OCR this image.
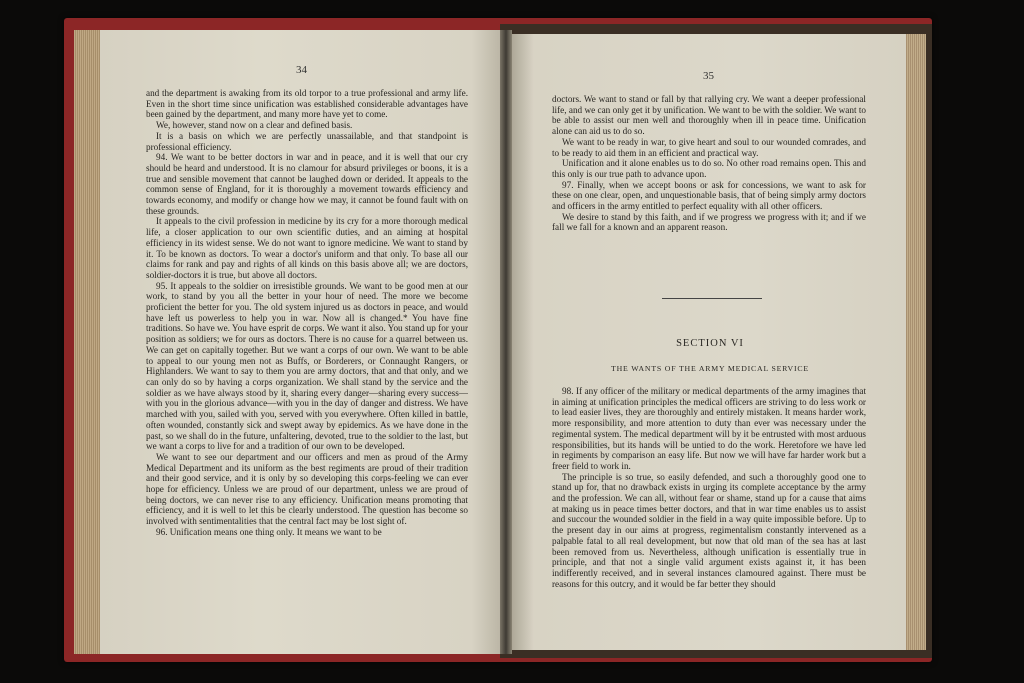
34	35

and the department is awaking from its old torpor to a true professional and army life. Even in the short time since unification was established considerable advantages have been gained by the department, and many more have yet to come.

We, however, stand now on a clear and defined basis.

It is a basis on which we are perfectly unassailable, and that standpoint is professional efficiency.

94. We want to be better doctors in war and in peace, and it is well that our cry should be heard and understood. It is no clamour for absurd privileges or boons, it is a true and sensible movement that cannot be laughed down or derided. It appeals to the common sense of England, for it is thoroughly a movement towards efficiency and towards economy, and modify or change how we may, it cannot be found fault with on these grounds.

It appeals to the civil profession in medicine by its cry for a more thorough medical life, a closer application to our own scientific duties, and an aiming at hospital efficiency in its widest sense. We do not want to ignore medicine. We want to stand by it. To be known as doctors. To wear a doctor's uniform and that only. To base all our claims for rank and pay and rights of all kinds on this basis above all; we are doctors, soldier-doctors it is true, but above all doctors.

95. It appeals to the soldier on irresistible grounds. We want to be good men at our work, to stand by you all the better in your hour of need. The more we become proficient the better for you. The old system injured us as doctors in peace, and would have left us powerless to help you in war. Now all is changed.* You have fine traditions. So have we. You have esprit de corps. We want it also. You stand up for your position as soldiers; we for ours as doctors. There is no cause for a quarrel between us. We can get on capitally together. But we want a corps of our own. We want to be able to appeal to our young men not as Buffs, or Borderers, or Connaught Rangers, or Highlanders. We want to say to them you are army doctors, that and that only, and we can only do so by having a corps organization. We shall stand by the service and the soldier as we have always stood by it, sharing every danger—sharing every success—with you in the glorious advance—with you in the day of danger and distress. We have marched with you, sailed with you, served with you everywhere. Often killed in battle, often wounded, constantly sick and swept away by epidemics. As we have done in the past, so we shall do in the future, unfaltering, devoted, true to the soldier to the last, but we want a corps to live for and a tradition of our own to be developed.

We want to see our department and our officers and men as proud of the Army Medical Department and its uniform as the best regiments are proud of their tradition and their good service, and it is only by so developing this corps-feeling we can ever hope for efficiency. Unless we are proud of our department, unless we are proud of being doctors, we can never rise to any efficiency. Unification means promoting that efficiency, and it is well to let this be clearly understood. The question has become so involved with sentimentalities that the central fact may be lost sight of.

96. Unification means one thing only. It means we want to be

doctors. We want to stand or fall by that rallying cry. We want a deeper professional life, and we can only get it by unification. We want to be with the soldier. We want to be able to assist our men well and thoroughly when ill in peace time. Unification alone can aid us to do so.

We want to be ready in war, to give heart and soul to our wounded comrades, and to be ready to aid them in an efficient and practical way.

Unification and it alone enables us to do so. No other road remains open. This and this only is our true path to advance upon.

97. Finally, when we accept boons or ask for concessions, we want to ask for these on one clear, open, and unquestionable basis, that of being simply army doctors and officers in the army entitled to perfect equality with all other officers.

We desire to stand by this faith, and if we progress we progress with it; and if we fall we fall for a known and an apparent reason.

SECTION VI
THE WANTS OF THE ARMY MEDICAL SERVICE

98. If any officer of the military or medical departments of the army imagines that in aiming at unification principles the medical officers are striving to do less work or to lead easier lives, they are thoroughly and entirely mistaken. It means harder work, more responsibility, and more attention to duty than ever was necessary under the regimental system. The medical department will by it be entrusted with most arduous responsibilities, but its hands will be untied to do the work. Heretofore we have led in regiments by comparison an easy life. But now we will have far harder work but a freer field to work in.

The principle is so true, so easily defended, and such a thoroughly good one to stand up for, that no drawback exists in urging its complete acceptance by the army and the profession. We can all, without fear or shame, stand up for a cause that aims at making us in peace times better doctors, and that in war time enables us to assist and succour the wounded soldier in the field in a way quite impossible before. Up to the present day in our aims at progress, regimentalism constantly intervened as a palpable fatal to all real development, but now that old man of the sea has at last been removed from us. Nevertheless, although unification is essentially true in principle, and that not a single valid argument exists against it, it has been indifferently received, and in several instances clamoured against. There must be reasons for this outcry, and it would be far better they should
